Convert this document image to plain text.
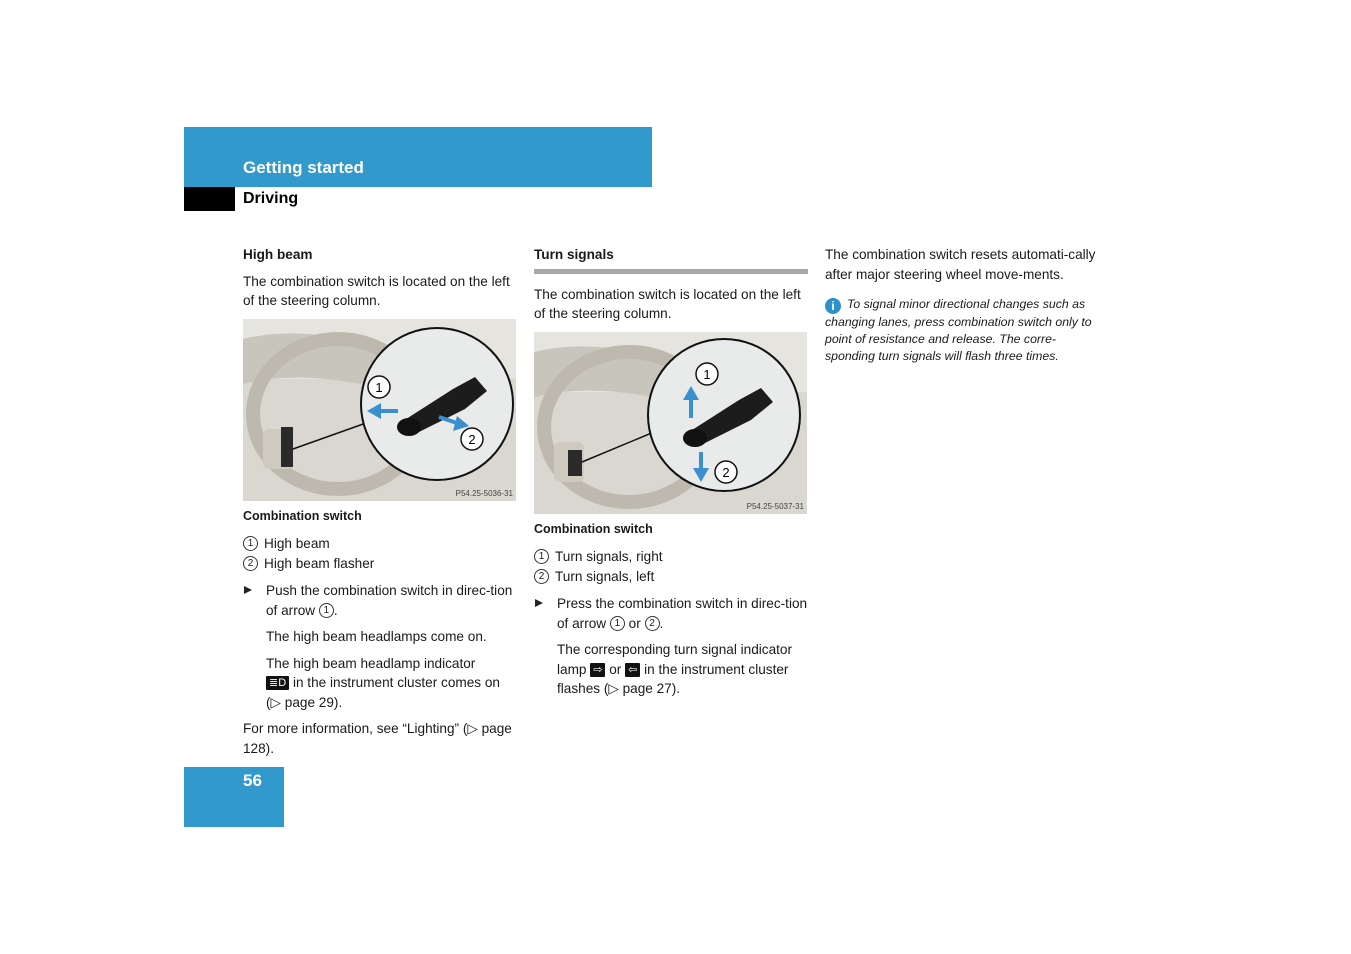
Getting started
Driving
High beam

The combination switch is located on the left of the steering column.

1
2
P54.25-5036-31
Combination switch
1 High beam
2 High beam flasher
Push the combination switch in direc-tion of arrow 1 .

The high beam headlamps come on.

The high beam headlamp indicator
≣D in the instrument cluster comes on (▷ page 29).

For more information, see “Lighting” (▷ page 128).

Turn signals

The combination switch is located on the left of the steering column.

1
2
P54.25-5037-31
Combination switch
1 Turn signals, right
2 Turn signals, left
Press the combination switch in direc-tion of arrow 1 or 2 .

The corresponding turn signal indicator lamp ⇨ or ⇦ in the instrument cluster flashes (▷ page 27).

The combination switch resets automati-cally after major steering wheel move-ments.

i To signal minor directional changes such as changing lanes, press combination switch only to point of resistance and release. The corre-sponding turn signals will flash three times.
56
